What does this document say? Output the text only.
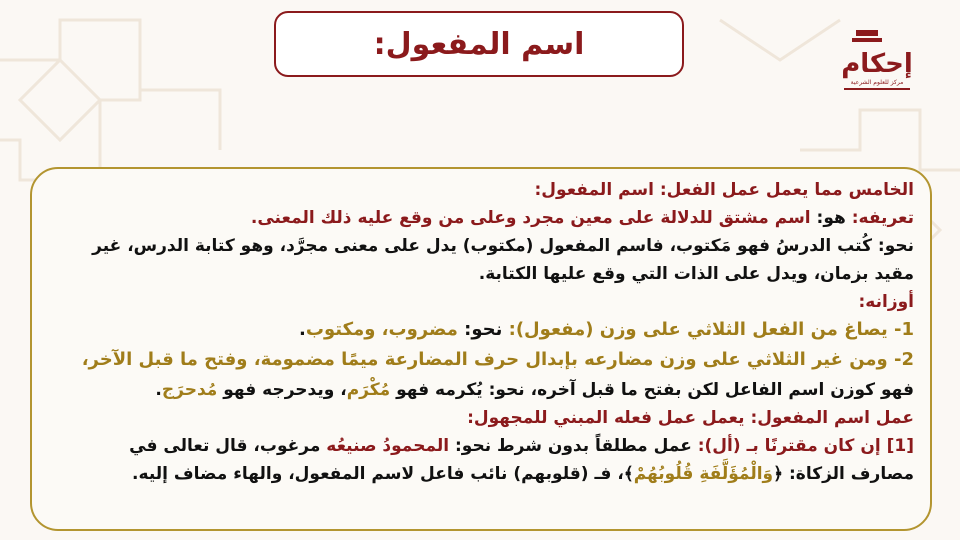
اسم المفعول:
إحكام
مركز للعلوم الشرعية
الخامس مما يعمل عمل الفعل: اسم المفعول:
تعريفه: هو: اسم مشتق للدلالة على معين مجرد وعلى من وقع عليه ذلك المعنى.
نحو: كُتب الدرسُ فهو مَكتوب، فاسم المفعول (مكتوب) يدل على معنى مجرَّد، وهو كتابة الدرس، غير
مقيد بزمان، ويدل على الذات التي وقع عليها الكتابة.
أوزانه:
1- يصاغ من الفعل الثلاثي على وزن (مفعول): نحو: مضروب، ومكتوب.
2- ومن غير الثلاثي على وزن مضارعه بإبدال حرف المضارعة ميمًا مضمومة، وفتح ما قبل الآخر،
فهو كوزن اسم الفاعل لكن بفتح ما قبل آخره، نحو: يُكرمه فهو مُكْرَم، ويدحرجه فهو مُدحرَج.
عمل اسم المفعول: يعمل عمل فعله المبني للمجهول:
[1] إن كان مقترنًا بـ (أل): عمل مطلقاً بدون شرط نحو: المحمودُ صنيعُه مرغوب، قال تعالى في
مصارف الزكاة: ﴿وَالْمُؤَلَّفَةِ قُلُوبُهُمْ﴾، فـ (قلوبهم) نائب فاعل لاسم المفعول، والهاء مضاف إليه.
